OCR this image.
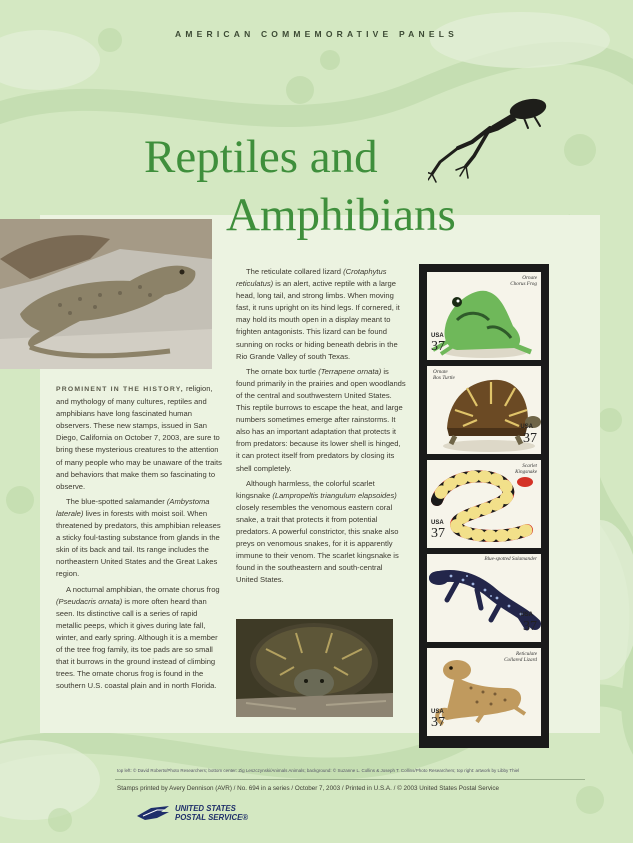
AMERICAN COMMEMORATIVE PANELS
Reptiles and
Amphibians

PROMINENT IN THE HISTORY, religion, and mythology of many cultures, reptiles and amphibians have long fascinated human observers. These new stamps, issued in San Diego, California on October 7, 2003, are sure to bring these mysterious creatures to the attention of many people who may be unaware of the traits and behaviors that make them so fascinating to observe.

The blue-spotted salamander (Ambystoma laterale) lives in forests with moist soil. When threatened by predators, this amphibian releases a sticky foul-tasting substance from glands in the skin of its back and tail. Its range includes the northeastern United States and the Great Lakes region.

A nocturnal amphibian, the ornate chorus frog (Pseudacris ornata) is more often heard than seen. Its distinctive call is a series of rapid metallic peeps, which it gives during late fall, winter, and early spring. Although it is a member of the tree frog family, its toe pads are so small that it burrows in the ground instead of climbing trees. The ornate chorus frog is found in the southern U.S. coastal plain and in north Florida.

The reticulate collared lizard (Crotaphytus reticulatus) is an alert, active reptile with a large head, long tail, and strong limbs. When moving fast, it runs upright on its hind legs. If cornered, it may hold its mouth open in a display meant to frighten antagonists. This lizard can be found sunning on rocks or hiding beneath debris in the Rio Grande Valley of south Texas.

The ornate box turtle (Terrapene ornata) is found primarily in the prairies and open woodlands of the central and southwestern United States. This reptile burrows to escape the heat, and large numbers sometimes emerge after rainstorms. It also has an important adaptation that protects it from predators: because its lower shell is hinged, it can protect itself from predators by closing its shell completely.

Although harmless, the colorful scarlet kingsnake (Lampropeltis triangulum elapsoides) closely resembles the venomous eastern coral snake, a trait that protects it from potential predators. A powerful constrictor, this snake also preys on venomous snakes, for it is apparently immune to their venom. The scarlet kingsnake is found in the southeastern and south-central United States.

Ornate
Chorus Frog
USA
37
Ornate
Box Turtle
USA
37
Scarlet
Kingsnake
USA
37
Blue-spotted Salamander
USA
37
Reticulate
Collared Lizard
USA
37
top left: © David Roberts/Photo Researchers; bottom center: Zig Leszczynski/Animals Animals; background: © Suzanne L. Collins & Joseph T. Collins/Photo Researchers; top right: artwork by Libby Thiel
Stamps printed by Avery Dennison (AVR) / No. 694 in a series / October 7, 2003 / Printed in U.S.A. / © 2003 United States Postal Service
UNITED STATES
POSTAL SERVICE®
